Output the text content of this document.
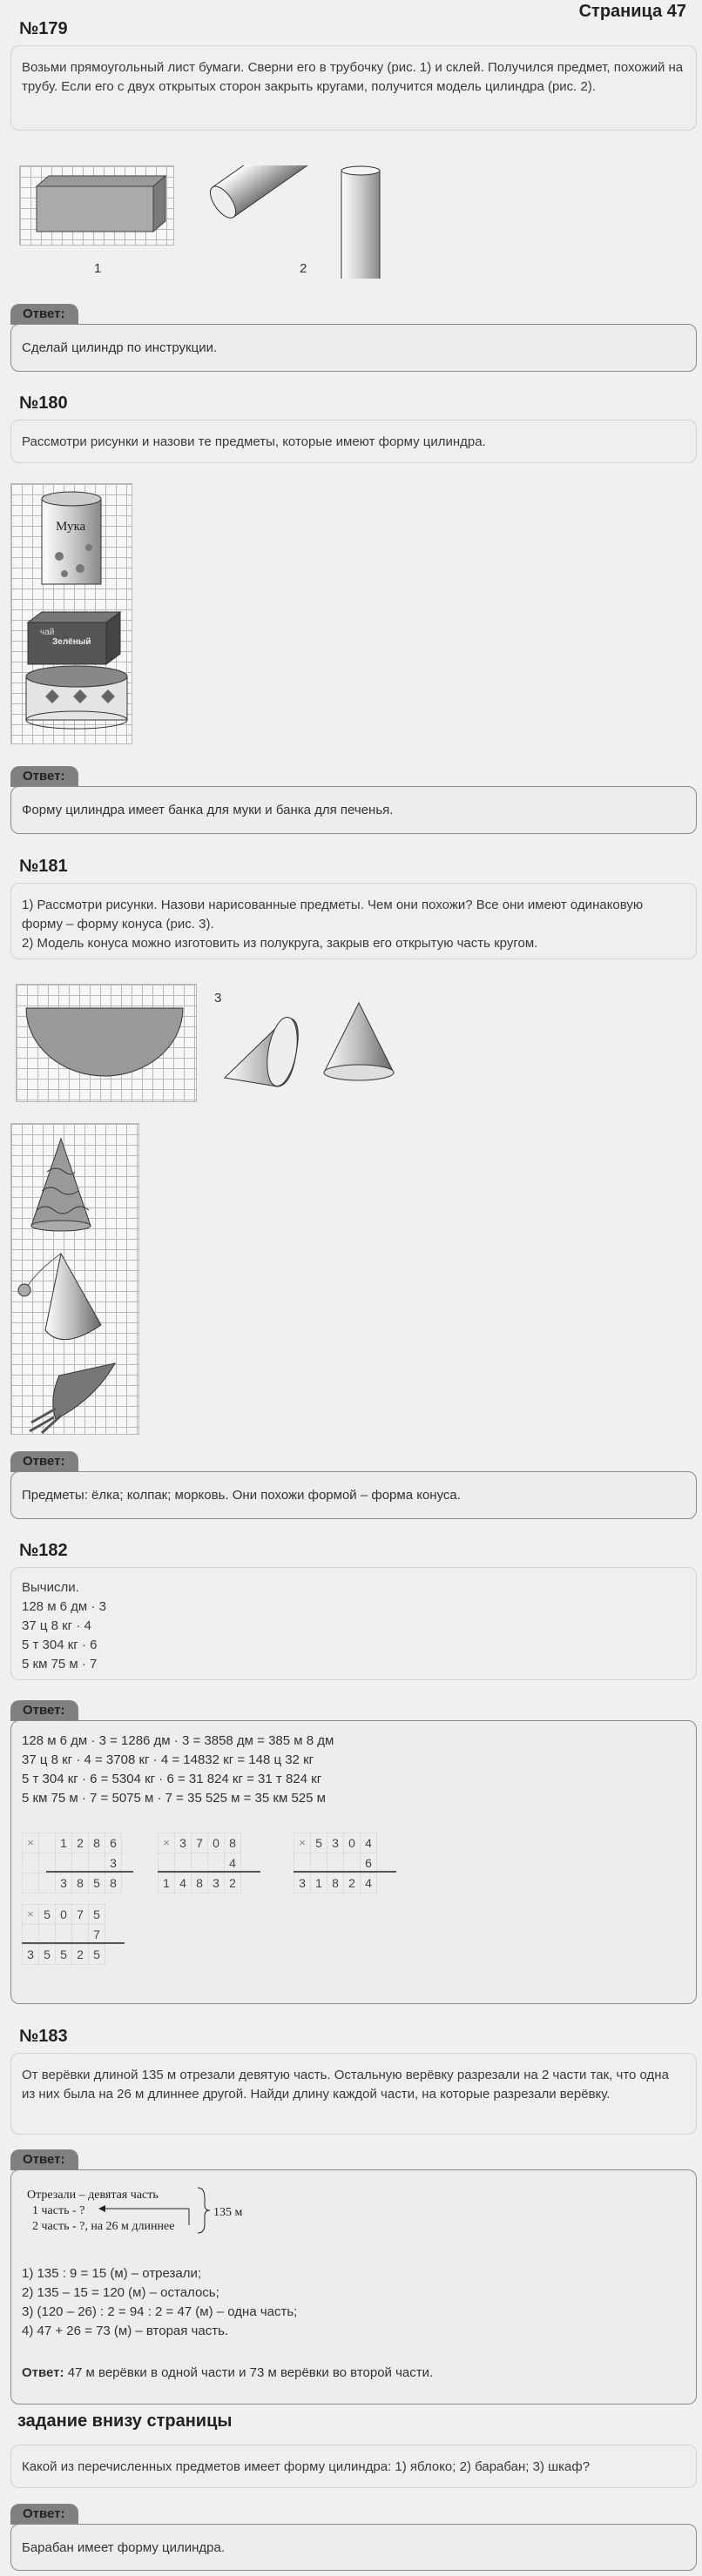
Страница 47
№179
Возьми прямоугольный лист бумаги. Сверни его в трубочку (рис. 1) и склей. Получился предмет, похожий на трубу. Если его с двух открытых сторон закрыть кругами, получится модель цилиндра (рис. 2).
1	2
Ответ:
Сделай цилиндр по инструкции.
№180
Рассмотри рисунки и назови те предметы, которые имеют форму цилиндра.
Мука
чай
Зелёный
Ответ:
Форму цилиндра имеет банка для муки и банка для печенья.
№181
1) Рассмотри рисунки. Назови нарисованные предметы. Чем они похожи? Все они имеют одинаковую форму – форму конуса (рис. 3).
2) Модель конуса можно изготовить из полукруга, закрыв его открытую часть кругом.
3
Ответ:
Предметы: ёлка; колпак; морковь. Они похожи формой – форма конуса.
№182
Вычисли.
128 м 6 дм · 3
37 ц 8 кг · 4
5 т 304 кг · 6
5 км 75 м · 7
Ответ:
128 м 6 дм · 3 = 1286 дм · 3 = 3858 дм = 385 м 8 дм
37 ц 8 кг · 4 = 3708 кг · 4 = 14832 кг = 148 ц 32 кг
5 т 304 кг · 6 = 5304 кг · 6 = 31 824 кг = 31 т 824 кг
5 км 75 м · 7 = 5075 м · 7 = 35 525 м = 35 км 525 м
×		1	2	8	6
					3
		3	8	5	8
×	3	7	0	8
				4
1	4	8	3	2
×	5	3	0	4
				6
3	1	8	2	4
×	5	0	7	5
				7
3	5	5	2	5
№183
От верёвки длиной 135 м отрезали девятую часть. Остальную верёвку разрезали на 2 части так, что одна из них была на 26 м длиннее другой. Найди длину каждой части, на которые разрезали верёвку.
Ответ:
Отрезали – девятая часть
1 часть - ?
2 часть - ?, на 26 м длиннее
135 м
1) 135 : 9 = 15 (м) – отрезали;
2) 135 – 15 = 120 (м) – осталось;
3) (120 – 26) : 2 = 94 : 2 = 47 (м) – одна часть;
4) 47 + 26 = 73 (м) – вторая часть.
Ответ: 47 м верёвки в одной части и 73 м верёвки во второй части.
задание внизу страницы
Какой из перечисленных предметов имеет форму цилиндра: 1) яблоко; 2) барабан; 3) шкаф?
Ответ:
Барабан имеет форму цилиндра.
